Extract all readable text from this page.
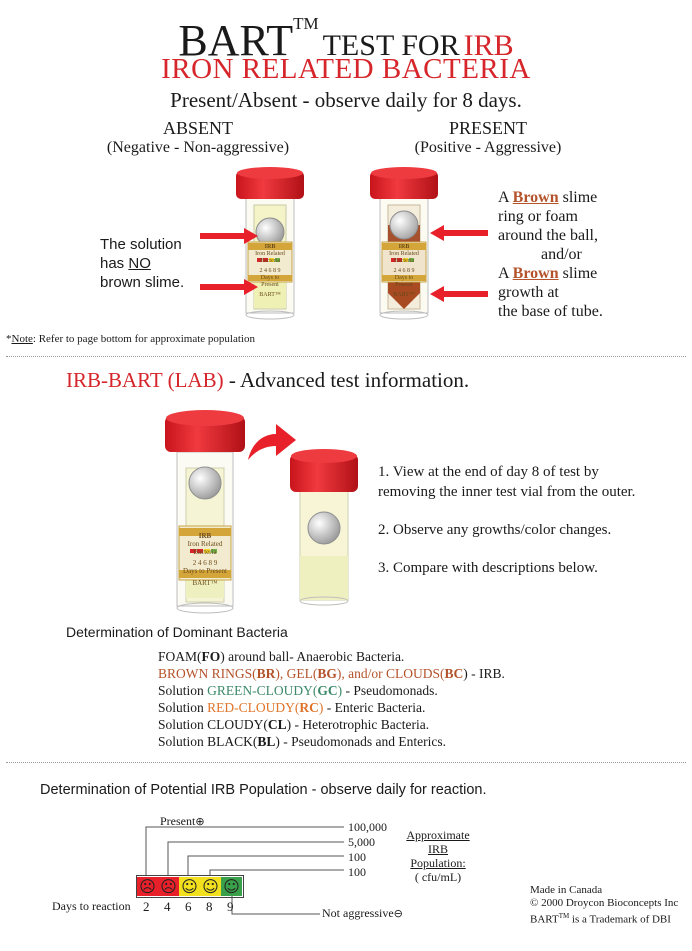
BART™ TEST FOR IRB
IRON RELATED BACTERIA
Present/Absent - observe daily for 8 days.
ABSENT
(Negative - Non-aggressive)
PRESENT
(Positive - Aggressive)
IRB
Iron Related Bacteria
2 4 6 8 9
Days to Present
BART™
The solution
has NO
brown slime.
IRB
Iron Related Bacteria
2 4 6 8 9
Days to Present
BART™
A Brown slime
ring or foam
around the ball,
and/or
A Brown slime
growth at
the base of tube.
*Note: Refer to page bottom for approximate population
IRB-BART (LAB) - Advanced test information.
IRB
Iron Related Bacteria
2 4 6 8 9
Days to Present
BART™
1. View at the end of day 8 of test by
removing the inner test vial from the outer.
2. Observe any growths/color changes.
3. Compare with descriptions below.
Determination of Dominant Bacteria
FOAM(FO) around ball- Anaerobic Bacteria.
BROWN RINGS(BR), GEL(BG), and/or CLOUDS(BC) - IRB.
Solution GREEN-CLOUDY(GC) - Pseudomonads.
Solution RED-CLOUDY(RC) - Enteric Bacteria.
Solution CLOUDY(CL) - Heterotrophic Bacteria.
Solution BLACK(BL) - Pseudomonads and Enterics.
Determination of Potential IRB Population - observe daily for reaction.
Present⊕	100,000
5,000
100
100
Approximate
IRB Population:
( cfu/mL)
☹ ☹ ☺ ☺ ☺
Days to reaction 2 4 6 8 9	Not aggressive⊖
Made in Canada
© 2000 Droycon Bioconcepts Inc
BART™ is a Trademark of DBI
